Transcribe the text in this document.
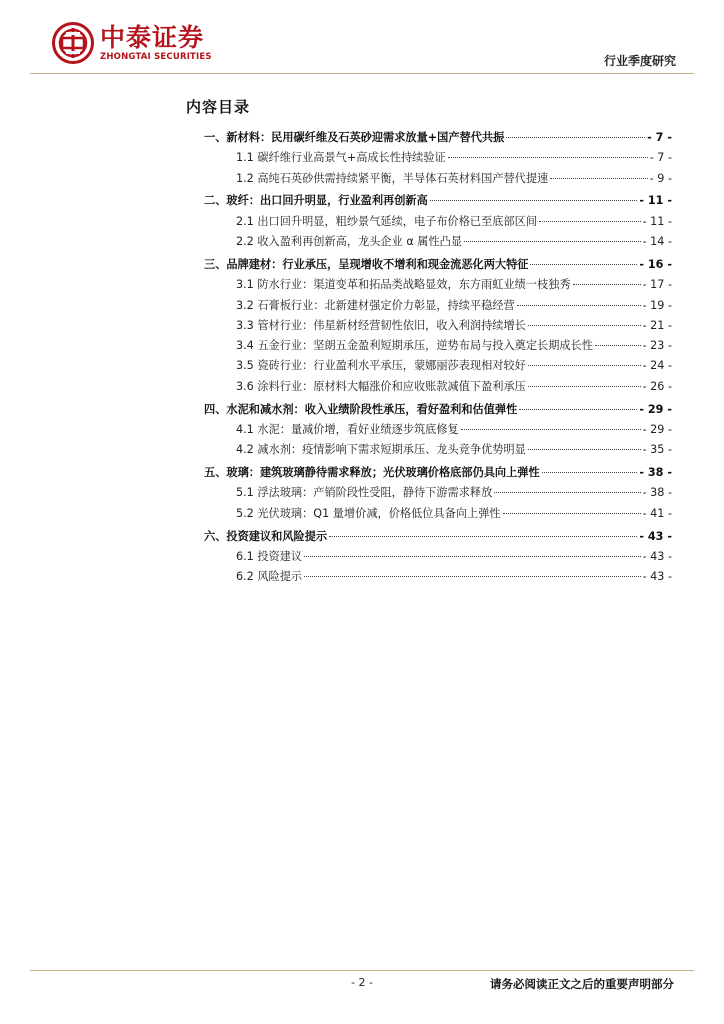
中泰证券
ZHONGTAI SECURITIES	行业季度研究
内容目录
一、新材料：民用碳纤维及石英砂迎需求放量+国产替代共振	- 7 -
1.1 碳纤维行业高景气+高成长性持续验证	- 7 -
1.2 高纯石英砂供需持续紧平衡，半导体石英材料国产替代提速	- 9 -
二、玻纤：出口回升明显，行业盈利再创新高	- 11 -
2.1 出口回升明显，粗纱景气延续，电子布价格已至底部区间	- 11 -
2.2 收入盈利再创新高，龙头企业 α 属性凸显	- 14 -
三、品牌建材：行业承压，呈现增收不增利和现金流恶化两大特征	- 16 -
3.1 防水行业：渠道变革和拓品类战略显效，东方雨虹业绩一枝独秀	- 17 -
3.2 石膏板行业：北新建材强定价力彰显，持续平稳经营	- 19 -
3.3 管材行业：伟星新材经营韧性依旧，收入利润持续增长	- 21 -
3.4 五金行业：坚朗五金盈利短期承压，逆势布局与投入奠定长期成长性	- 23 -
3.5 瓷砖行业：行业盈利水平承压，蒙娜丽莎表现相对较好	- 24 -
3.6 涂料行业：原材料大幅涨价和应收账款减值下盈利承压	- 26 -
四、水泥和减水剂：收入业绩阶段性承压，看好盈利和估值弹性	- 29 -
4.1 水泥：量减价增，看好业绩逐步筑底修复	- 29 -
4.2 减水剂：疫情影响下需求短期承压、龙头竞争优势明显	- 35 -
五、玻璃：建筑玻璃静待需求释放；光伏玻璃价格底部仍具向上弹性	- 38 -
5.1 浮法玻璃：产销阶段性受阻，静待下游需求释放	- 38 -
5.2 光伏玻璃：Q1 量增价减，价格低位具备向上弹性	- 41 -
六、投资建议和风险提示	- 43 -
6.1 投资建议	- 43 -
6.2 风险提示	- 43 -
- 2 -	请务必阅读正文之后的重要声明部分
